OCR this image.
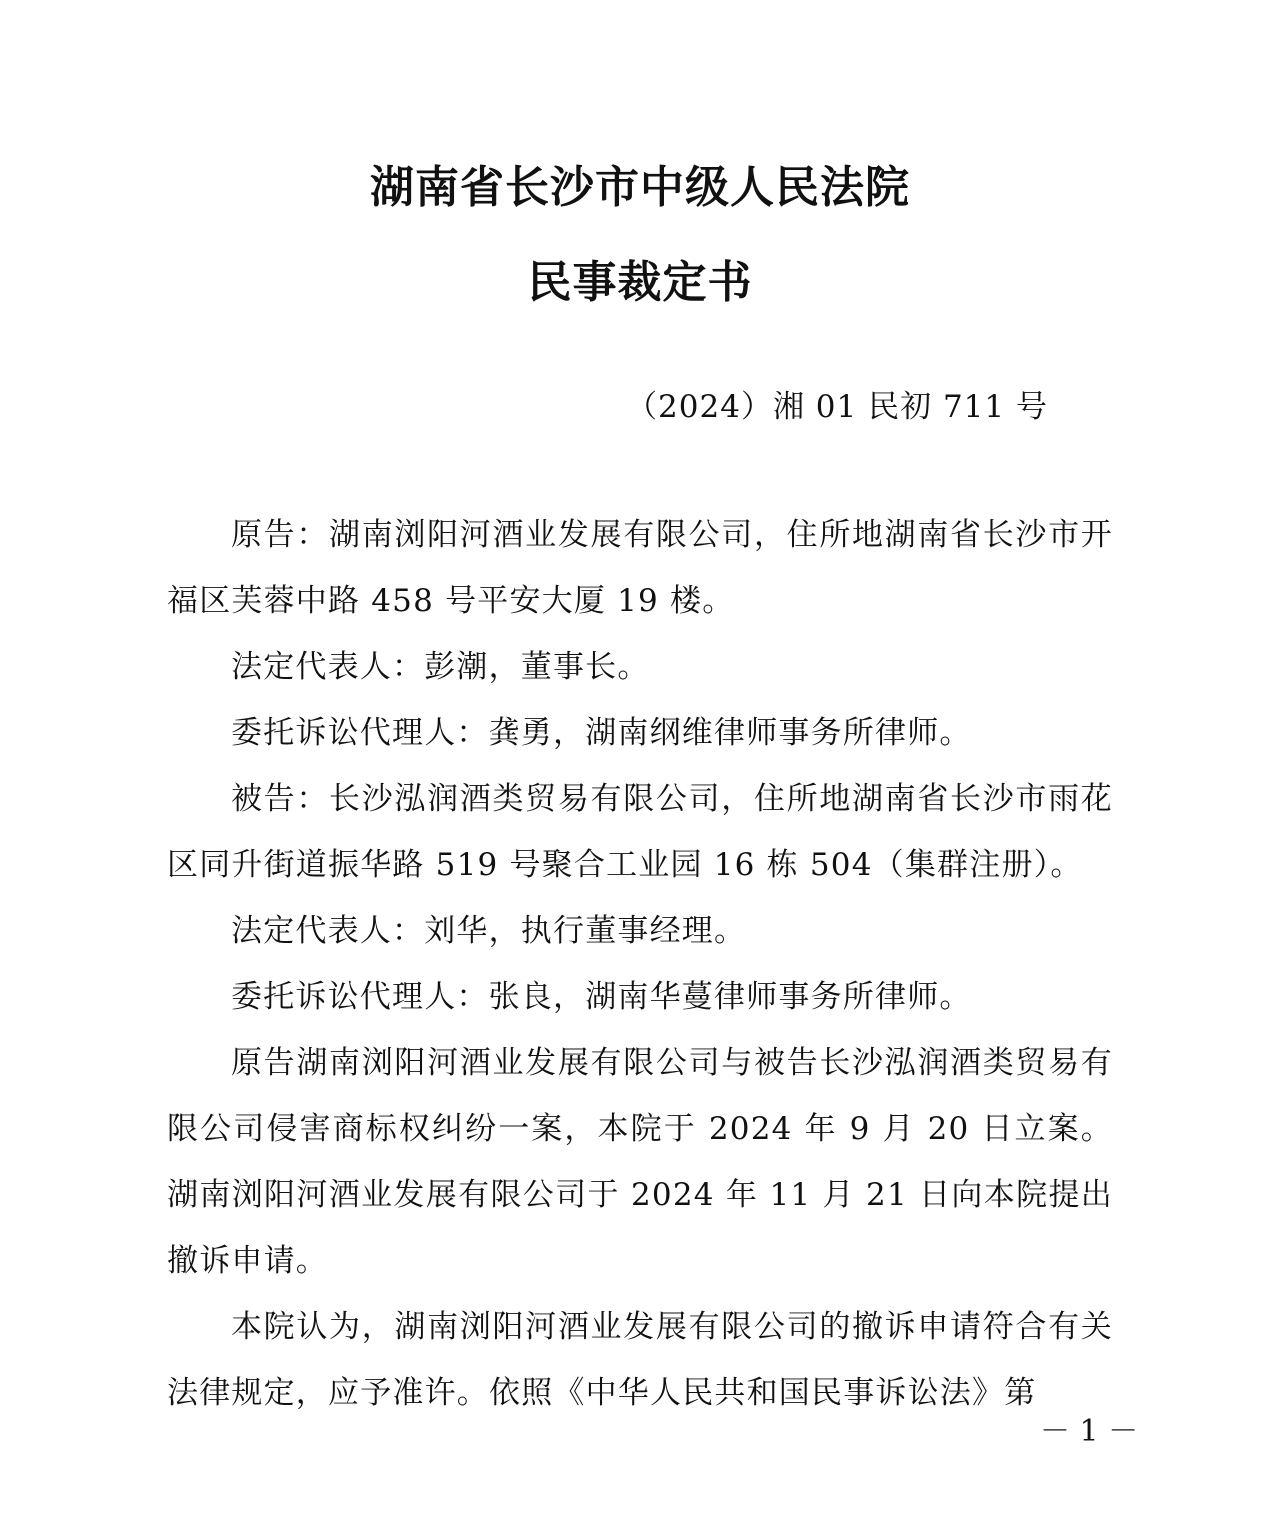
湖南省长沙市中级人民法院
民事裁定书
（2024）湘 01 民初 711 号

原告：湖南浏阳河酒业发展有限公司，住所地湖南省长沙市开福区芙蓉中路 458 号平安大厦 19 楼。

法定代表人：彭潮，董事长。

委托诉讼代理人：龚勇，湖南纲维律师事务所律师。

被告：长沙泓润酒类贸易有限公司，住所地湖南省长沙市雨花区同升街道振华路 519 号聚合工业园 16 栋 504（集群注册）。

法定代表人：刘华，执行董事经理。

委托诉讼代理人：张良，湖南华蔓律师事务所律师。

原告湖南浏阳河酒业发展有限公司与被告长沙泓润酒类贸易有限公司侵害商标权纠纷一案，本院于 2024 年 9 月 20 日立案。湖南浏阳河酒业发展有限公司于 2024 年 11 月 21 日向本院提出撤诉申请。

本院认为，湖南浏阳河酒业发展有限公司的撤诉申请符合有关法律规定，应予准许。依照《中华人民共和国民事诉讼法》第

－ 1 －
